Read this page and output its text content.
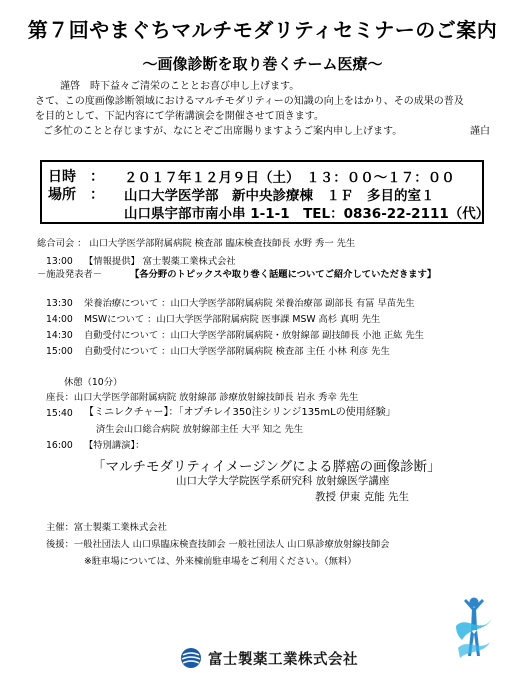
第７回やまぐちマルチモダリティセミナーのご案内
～画像診断を取り巻くチーム医療～
謹啓　時下益々ご清栄のこととお喜び申し上げます。
さて、この度画像診断領域におけるマルチモダリティーの知識の向上をはかり、その成果の普及
を目的として、下記内容にて学術講演会を開催させて頂きます。
ご多忙のことと存じますが、なにとぞご出席賜りますようご案内申し上げます。	謹白
日時　： ２０１７年１２月９日（土）　１３：００～１７：００
場所　： 山口大学医学部　新中央診療棟　１Ｆ　多目的室１
山口県宇部市南小串 1-1-1　TEL：0836-22-2111（代）
総合司会 ： 山口大学医学部附属病院 検査部 臨床検査技師長 水野 秀一 先生
13:00 【情報提供】 富士製薬工業株式会社
－施設発表者－	【各分野のトピックスや取り巻く話題についてご紹介していただきます】
13:30 栄養治療について ：山口大学医学部附属病院 栄養治療部 副部長 有冨 早苗先生
14:00 MSWについて ：山口大学医学部附属病院 医事課 MSW 高杉 真明 先生
14:30 自動受付について ：山口大学医学部附属病院・放射線部 副技師長 小池 正紘 先生
15:00 自動受付について ：山口大学医学部附属病院 検査部 主任 小林 利彦 先生
休憩（10分）
座長：山口大学医学部附属病院 放射線部 診療放射線技師長 岩永 秀幸 先生
15:40 【ミニレクチャー】：「オプチレイ350注シリンジ135mLの使用経験」
済生会山口総合病院 放射線部主任 大平 知之 先生
16:00 【特別講演】：
「マルチモダリティイメージングによる膵癌の画像診断」
山口大学大学院医学系研究科 放射線医学講座
教授 伊東 克能 先生
主催：富士製薬工業株式会社
後援：一般社団法人 山口県臨床検査技師会 一般社団法人 山口県診療放射線技師会
※駐車場については、外来棟前駐車場をご利用ください。（無料）
富士製薬工業株式会社
